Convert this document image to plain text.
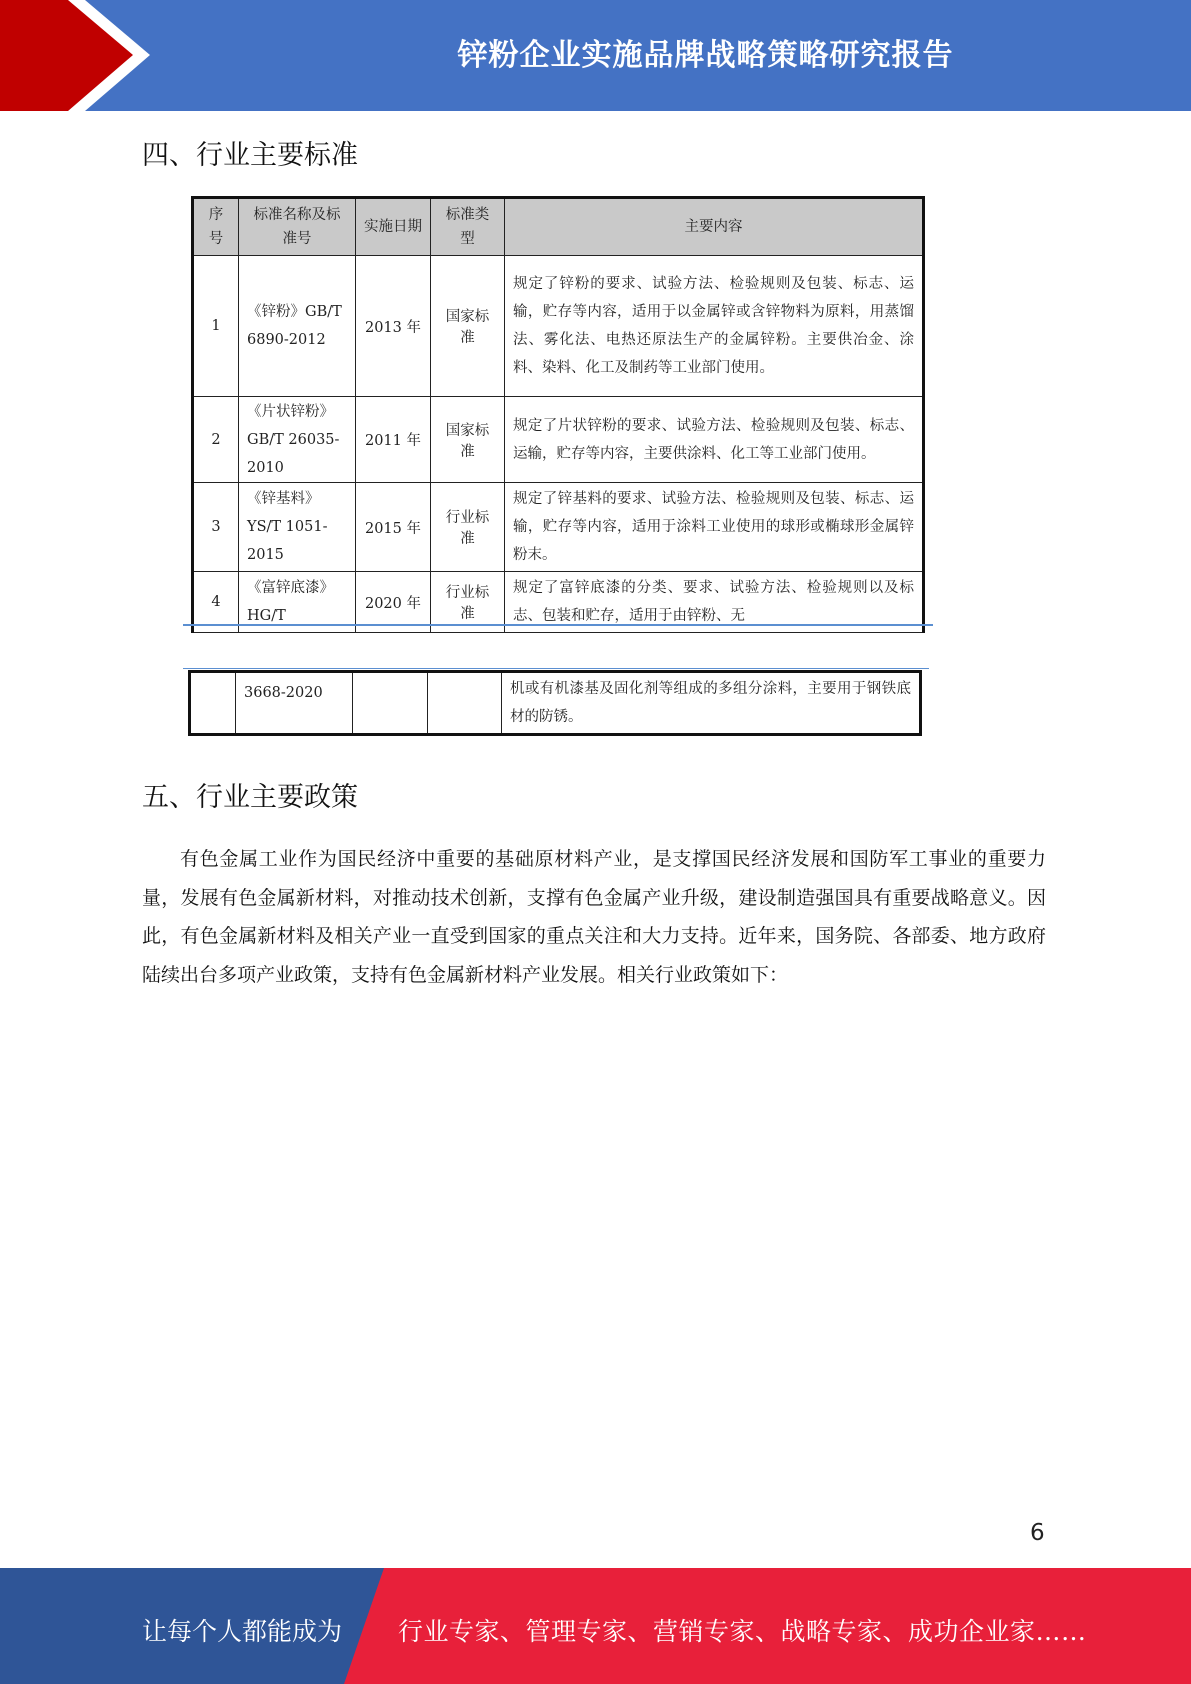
锌粉企业实施品牌战略策略研究报告
四、行业主要标准
序号	标准名称及标准号	实施日期	标准类型	主要内容
1	《锌粉》GB/T 6890-2012	2013 年	国家标准	规定了锌粉的要求、试验方法、检验规则及包装、标志、运输，贮存等内容，适用于以金属锌或含锌物料为原料，用蒸馏法、雾化法、电热还原法生产的金属锌粉。主要供冶金、涂料、染料、化工及制药等工业部门使用。
2	《片状锌粉》GB/T 26035-2010	2011 年	国家标准	规定了片状锌粉的要求、试验方法、检验规则及包装、标志、运输，贮存等内容，主要供涂料、化工等工业部门使用。
3	《锌基料》YS/T 1051-2015	2015 年	行业标准	规定了锌基料的要求、试验方法、检验规则及包装、标志、运输，贮存等内容，适用于涂料工业使用的球形或椭球形金属锌粉末。
4	《富锌底漆》HG/T	2020 年	行业标准	规定了富锌底漆的分类、要求、试验方法、检验规则以及标志、包装和贮存，适用于由锌粉、无
	3668-2020			机或有机漆基及固化剂等组成的多组分涂料，主要用于钢铁底材的防锈。
五、行业主要政策
有色金属工业作为国民经济中重要的基础原材料产业，是支撑国民经济发展和国防军工事业的重要力量，发展有色金属新材料，对推动技术创新，支撑有色金属产业升级，建设制造强国具有重要战略意义。因此，有色金属新材料及相关产业一直受到国家的重点关注和大力支持。近年来，国务院、各部委、地方政府陆续出台多项产业政策，支持有色金属新材料产业发展。相关行业政策如下：
6
让每个人都能成为 行业专家、管理专家、营销专家、战略专家、成功企业家……
